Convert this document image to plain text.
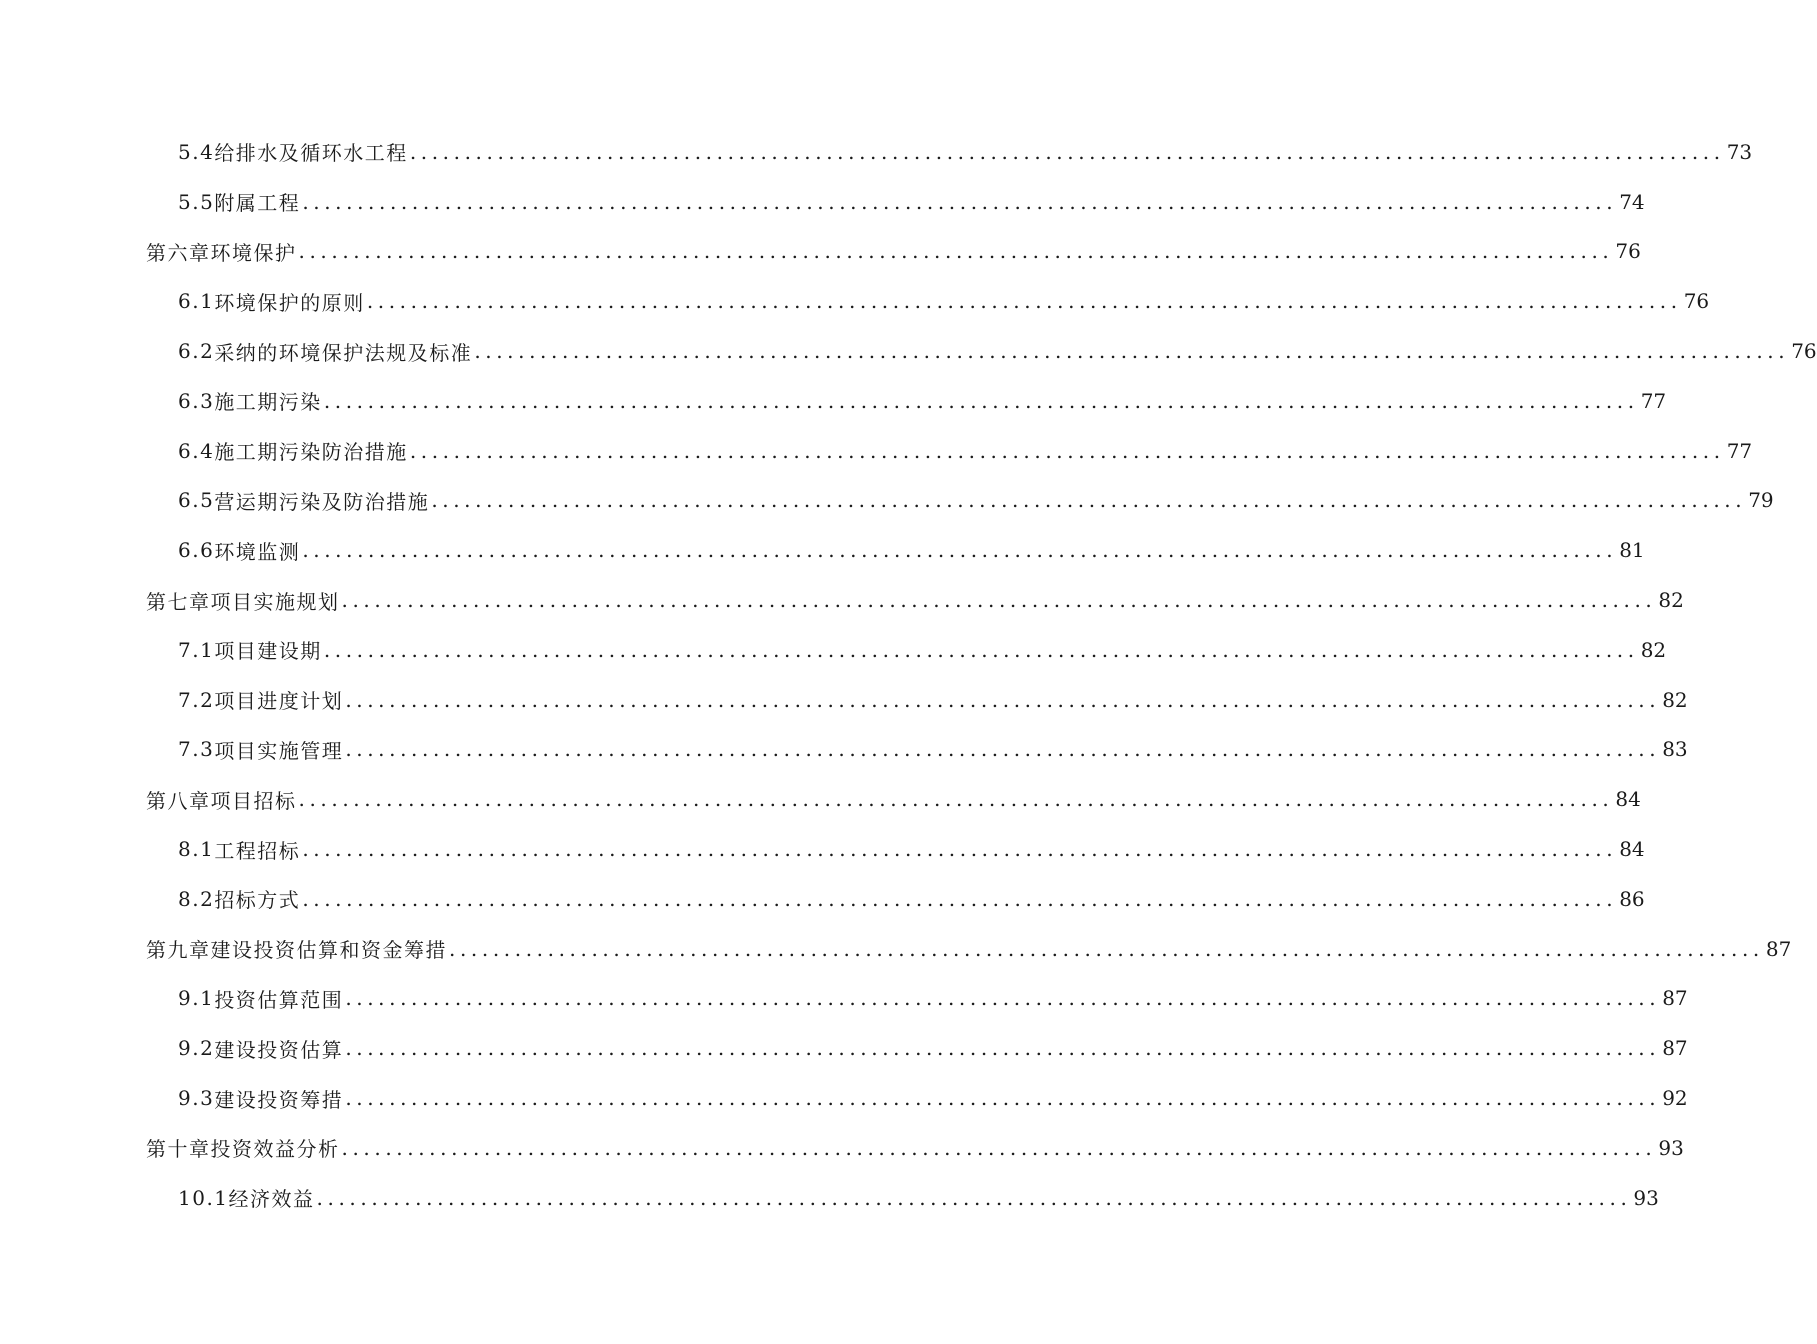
5.4 给排水及循环水工程 ........................................................................................................................ 73
5.5 附属工程 ........................................................................................................................ 74
第六章 环境保护 ........................................................................................................................ 76
6.1 环境保护的原则 ........................................................................................................................ 76
6.2 采纳的环境保护法规及标准 ........................................................................................................................ 76
6.3 施工期污染 ........................................................................................................................ 77
6.4 施工期污染防治措施 ........................................................................................................................ 77
6.5 营运期污染及防治措施 ........................................................................................................................ 79
6.6 环境监测 ........................................................................................................................ 81
第七章 项目实施规划 ........................................................................................................................ 82
7.1 项目建设期 ........................................................................................................................ 82
7.2 项目进度计划 ........................................................................................................................ 82
7.3 项目实施管理 ........................................................................................................................ 83
第八章 项目招标 ........................................................................................................................ 84
8.1 工程招标 ........................................................................................................................ 84
8.2 招标方式 ........................................................................................................................ 86
第九章 建设投资估算和资金筹措 ........................................................................................................................ 87
9.1 投资估算范围 ........................................................................................................................ 87
9.2 建设投资估算 ........................................................................................................................ 87
9.3 建设投资筹措 ........................................................................................................................ 92
第十章 投资效益分析 ........................................................................................................................ 93
10.1 经济效益 ........................................................................................................................ 93
